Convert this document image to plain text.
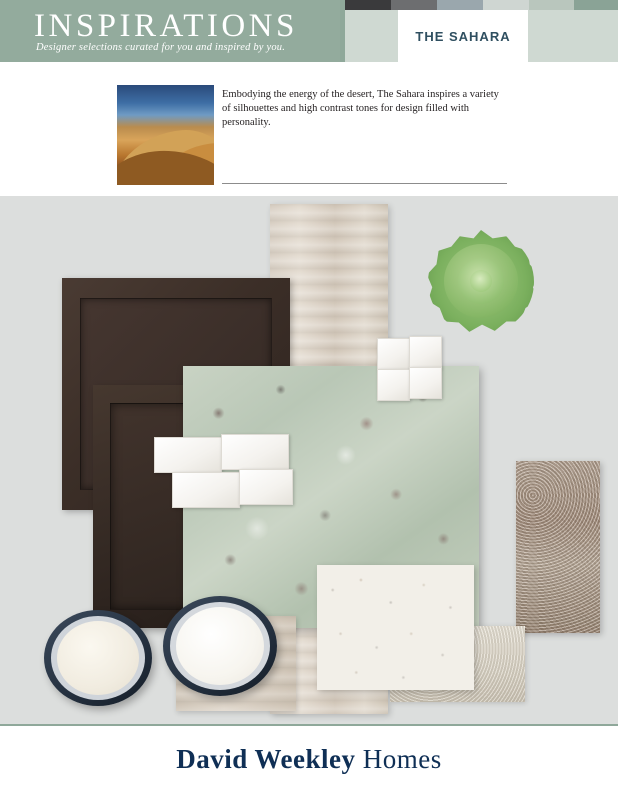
INSPIRATIONS
Designer selections curated for you and inspired by you.
THE SAHARA
Embodying the energy of the desert, The Sahara inspires a variety of silhouettes and high contrast tones for design filled with personality.
David Weekley Homes
